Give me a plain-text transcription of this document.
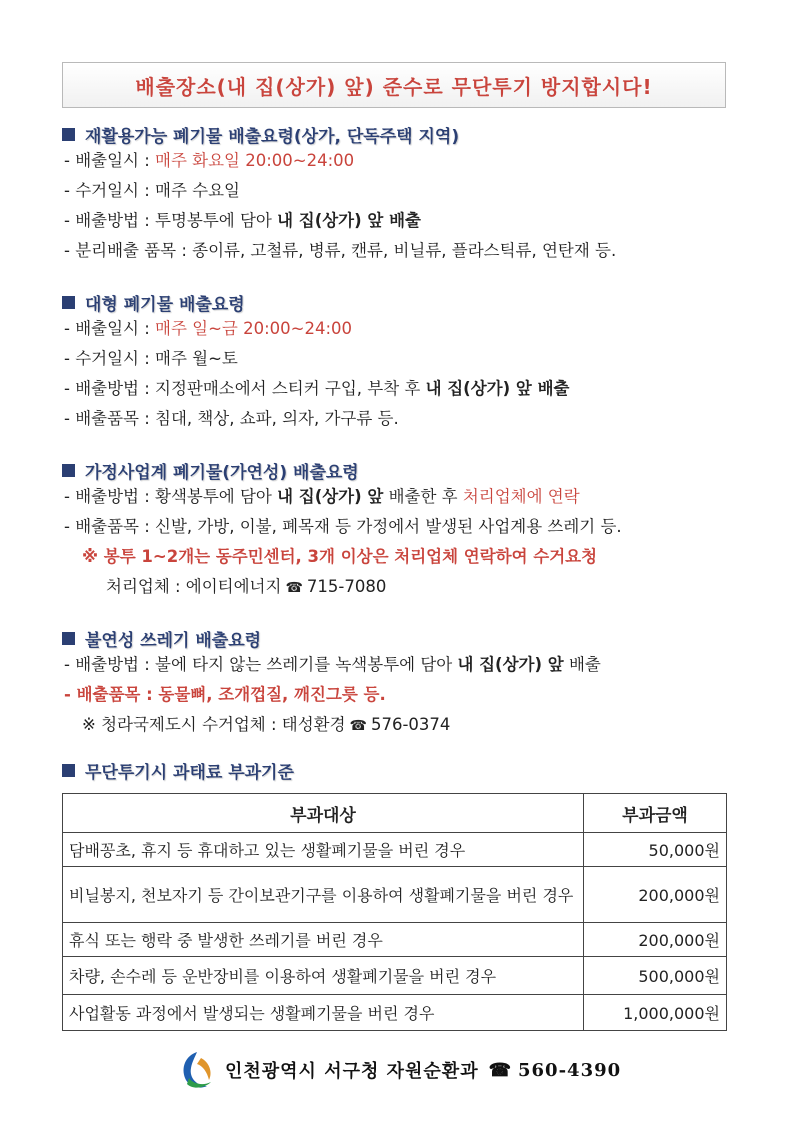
배출장소(내 집(상가) 앞) 준수로 무단투기 방지합시다!
재활용가능 폐기물 배출요령(상가, 단독주택 지역)
- 배출일시 : 매주 화요일 20:00~24:00
- 수거일시 : 매주 수요일
- 배출방법 : 투명봉투에 담아 내 집(상가) 앞 배출
- 분리배출 품목 : 종이류, 고철류, 병류, 캔류, 비닐류, 플라스틱류, 연탄재 등.
대형 폐기물 배출요령
- 배출일시 : 매주 일~금 20:00~24:00
- 수거일시 : 매주 월~토
- 배출방법 : 지정판매소에서 스티커 구입, 부착 후 내 집(상가) 앞 배출
- 배출품목 : 침대, 책상, 쇼파, 의자, 가구류 등.
가정사업계 폐기물(가연성) 배출요령
- 배출방법 : 황색봉투에 담아 내 집(상가) 앞 배출한 후 처리업체에 연락
- 배출품목 : 신발, 가방, 이불, 폐목재 등 가정에서 발생된 사업계용 쓰레기 등.
※ 봉투 1~2개는 동주민센터, 3개 이상은 처리업체 연락하여 수거요청
처리업체 : 에이티에너지 ☎ 715-7080
불연성 쓰레기 배출요령
- 배출방법 : 불에 타지 않는 쓰레기를 녹색봉투에 담아 내 집(상가) 앞 배출
- 배출품목 : 동물뼈, 조개껍질, 깨진그릇 등.
※ 청라국제도시 수거업체 : 태성환경 ☎ 576-0374
무단투기시 과태료 부과기준
부과대상	부과금액
담배꽁초, 휴지 등 휴대하고 있는 생활폐기물을 버린 경우	50,000원
비닐봉지, 천보자기 등 간이보관기구를 이용하여 생활폐기물을 버린 경우	200,000원
휴식 또는 행락 중 발생한 쓰레기를 버린 경우	200,000원
차량, 손수레 등 운반장비를 이용하여 생활폐기물을 버린 경우	500,000원
사업활동 과정에서 발생되는 생활폐기물을 버린 경우	1,000,000원
인천광역시 서구청 자원순환과 ☎ 560-4390
